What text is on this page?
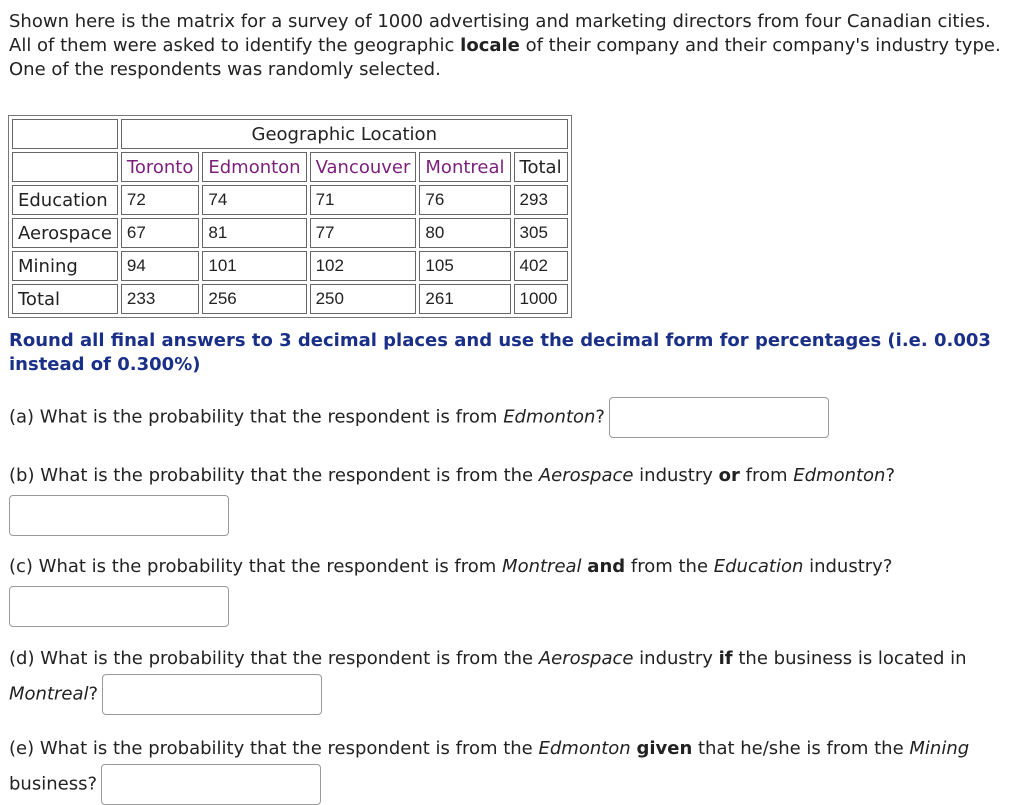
Shown here is the matrix for a survey of 1000 advertising and marketing directors from four Canadian cities. All of them were asked to identify the geographic locale of their company and their company's industry type. One of the respondents was randomly selected.

	Geographic Location				
	Toronto	Edmonton	Vancouver	Montreal	Total
Education	72	74	71	76	293
Aerospace	67	81	77	80	305
Mining	94	101	102	105	402
Total	233	256	250	261	1000

Round all final answers to 3 decimal places and use the decimal form for percentages (i.e. 0.003 instead of 0.300%)

(a) What is the probability that the respondent is from Edmonton?

(b) What is the probability that the respondent is from the Aerospace industry or from Edmonton?

(c) What is the probability that the respondent is from Montreal and from the Education industry?

(d) What is the probability that the respondent is from the Aerospace industry if the business is located in Montreal?

(e) What is the probability that the respondent is from the Edmonton given that he/she is from the Mining business?
